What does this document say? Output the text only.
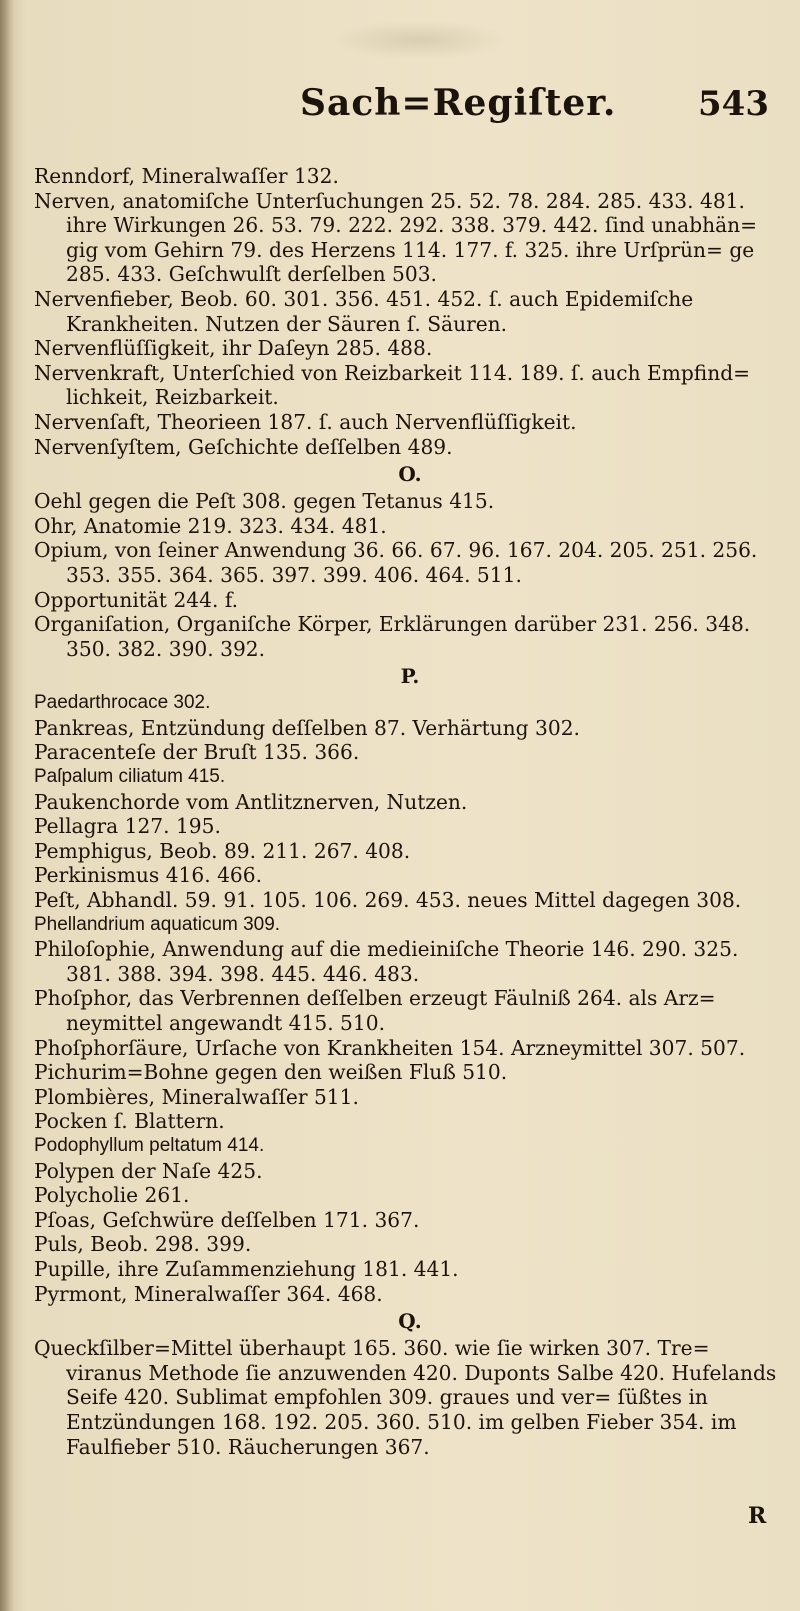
Sach=Regiſter. 543

Renndorf, Mineralwaſſer 132.

Nerven, anatomiſche Unterſuchungen 25. 52. 78. 284. 285. 433. 481. ihre Wirkungen 26. 53. 79. 222. 292. 338. 379. 442. ſind unabhän= gig vom Gehirn 79. des Herzens 114. 177. f. 325. ihre Urſprün= ge 285. 433. Geſchwulſt derſelben 503.

Nervenfieber, Beob. 60. 301. 356. 451. 452. ſ. auch Epidemiſche Krankheiten. Nutzen der Säuren ſ. Säuren.

Nervenflüſſigkeit, ihr Daſeyn 285. 488.

Nervenkraft, Unterſchied von Reizbarkeit 114. 189. ſ. auch Empfind= lichkeit, Reizbarkeit.

Nervenſaft, Theorieen 187. ſ. auch Nervenflüſſigkeit.

Nervenſyſtem, Geſchichte deſſelben 489.

O.

Oehl gegen die Peſt 308. gegen Tetanus 415.

Ohr, Anatomie 219. 323. 434. 481.

Opium, von ſeiner Anwendung 36. 66. 67. 96. 167. 204. 205. 251. 256. 353. 355. 364. 365. 397. 399. 406. 464. 511.

Opportunität 244. f.

Organiſation, Organiſche Körper, Erklärungen darüber 231. 256. 348. 350. 382. 390. 392.

P.

Paedarthrocace 302.

Pankreas, Entzündung deſſelben 87. Verhärtung 302.

Paracenteſe der Bruſt 135. 366.

Paſpalum ciliatum 415.

Paukenchorde vom Antlitznerven, Nutzen.

Pellagra 127. 195.

Pemphigus, Beob. 89. 211. 267. 408.

Perkinismus 416. 466.

Peſt, Abhandl. 59. 91. 105. 106. 269. 453. neues Mittel dagegen 308.

Phellandrium aquaticum 309.

Philoſophie, Anwendung auf die medieiniſche Theorie 146. 290. 325. 381. 388. 394. 398. 445. 446. 483.

Phoſphor, das Verbrennen deſſelben erzeugt Fäulniß 264. als Arz= neymittel angewandt 415. 510.

Phoſphorſäure, Urſache von Krankheiten 154. Arzneymittel 307. 507.

Pichurim=Bohne gegen den weißen Fluß 510.

Plombières, Mineralwaſſer 511.

Pocken ſ. Blattern.

Podophyllum peltatum 414.

Polypen der Naſe 425.

Polycholie 261.

Pſoas, Geſchwüre deſſelben 171. 367.

Puls, Beob. 298. 399.

Pupille, ihre Zuſammenziehung 181. 441.

Pyrmont, Mineralwaſſer 364. 468.

Q.

Queckſilber=Mittel überhaupt 165. 360. wie ſie wirken 307. Tre= viranus Methode ſie anzuwenden 420. Duponts Salbe 420. Hufelands Seife 420. Sublimat empfohlen 309. graues und ver= ſüßtes in Entzündungen 168. 192. 205. 360. 510. im gelben Fieber 354. im Faulfieber 510. Räucherungen 367.

R
